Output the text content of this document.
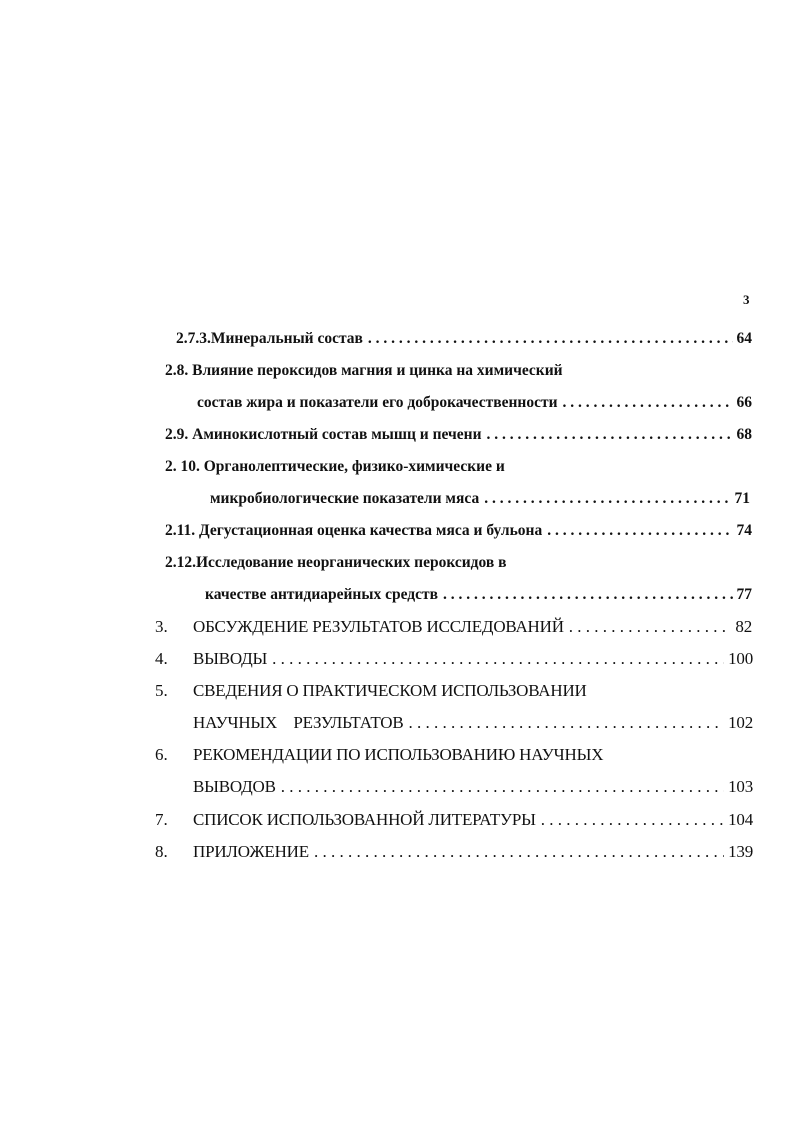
3
2.7.3.Минеральный состав . . .	64
2.8. Влияние пероксидов магния и цинка на химический
состав жира и показатели его доброкачественности . . .	66
2.9. Аминокислотный состав мышц и печени . . .	68
2. 10. Органолептические, физико-химические и
микробиологические показатели мяса . . .	71
2.11. Дегустационная оценка качества мяса и бульона . . .	74
2.12.Исследование неорганических пероксидов в
качестве антидиарейных средств . . .	77
3. ОБСУЖДЕНИЕ РЕЗУЛЬТАТОВ ИССЛЕДОВАНИЙ . . .	82
4. ВЫВОДЫ . . .	100
5. СВЕДЕНИЯ О ПРАКТИЧЕСКОМ ИСПОЛЬЗОВАНИИ
НАУЧНЫХ    РЕЗУЛЬТАТОВ . . .	102
6. РЕКОМЕНДАЦИИ ПО ИСПОЛЬЗОВАНИЮ НАУЧНЫХ
ВЫВОДОВ . . .	103
7. СПИСОК ИСПОЛЬЗОВАННОЙ ЛИТЕРАТУРЫ . . .	104
8. ПРИЛОЖЕНИЕ . . .	139
